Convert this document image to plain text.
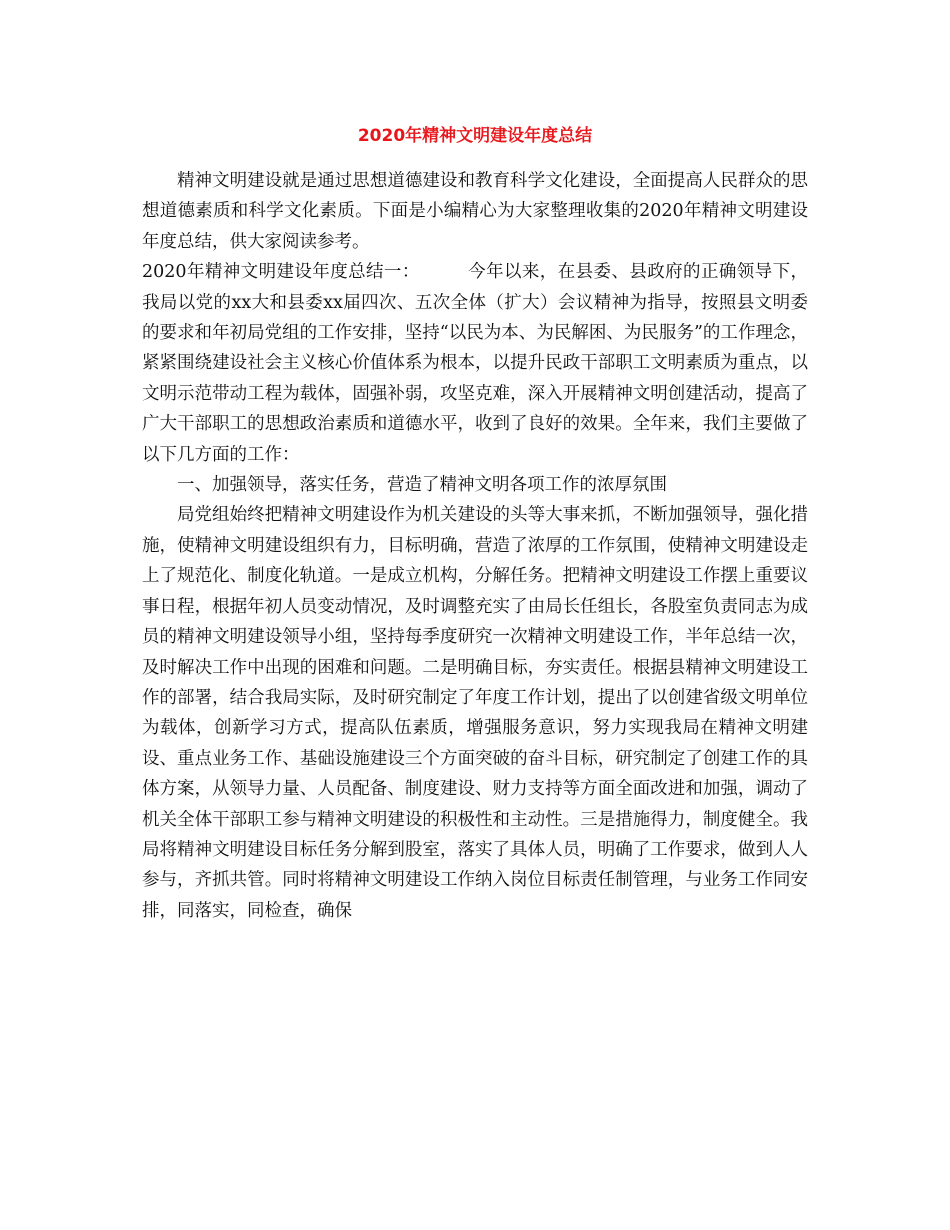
2020年精神文明建设年度总结

精神文明建设就是通过思想道德建设和教育科学文化建设，全面提高人民群众的思想道德素质和科学文化素质。下面是小编精心为大家整理收集的2020年精神文明建设年度总结，供大家阅读参考。

2020年精神文明建设年度总结一：	今年以来，在县委、县政府的正确领导下，我局以党的xx大和县委xx届四次、五次全体（扩大）会议精神为指导，按照县文明委的要求和年初局党组的工作安排，坚持“以民为本、为民解困、为民服务”的工作理念，紧紧围绕建设社会主义核心价值体系为根本，以提升民政干部职工文明素质为重点，以文明示范带动工程为载体，固强补弱，攻坚克难，深入开展精神文明创建活动，提高了广大干部职工的思想政治素质和道德水平，收到了良好的效果。全年来，我们主要做了以下几方面的工作：

一、加强领导，落实任务，营造了精神文明各项工作的浓厚氛围

局党组始终把精神文明建设作为机关建设的头等大事来抓，不断加强领导，强化措施，使精神文明建设组织有力，目标明确，营造了浓厚的工作氛围，使精神文明建设走上了规范化、制度化轨道。一是成立机构，分解任务。把精神文明建设工作摆上重要议事日程，根据年初人员变动情况，及时调整充实了由局长任组长，各股室负责同志为成员的精神文明建设领导小组，坚持每季度研究一次精神文明建设工作，半年总结一次，及时解决工作中出现的困难和问题。二是明确目标，夯实责任。根据县精神文明建设工作的部署，结合我局实际，及时研究制定了年度工作计划，提出了以创建省级文明单位为载体，创新学习方式，提高队伍素质，增强服务意识，努力实现我局在精神文明建设、重点业务工作、基础设施建设三个方面突破的奋斗目标，研究制定了创建工作的具体方案，从领导力量、人员配备、制度建设、财力支持等方面全面改进和加强，调动了机关全体干部职工参与精神文明建设的积极性和主动性。三是措施得力，制度健全。我局将精神文明建设目标任务分解到股室，落实了具体人员，明确了工作要求，做到人人参与，齐抓共管。同时将精神文明建设工作纳入岗位目标责任制管理，与业务工作同安排，同落实，同检查，确保
